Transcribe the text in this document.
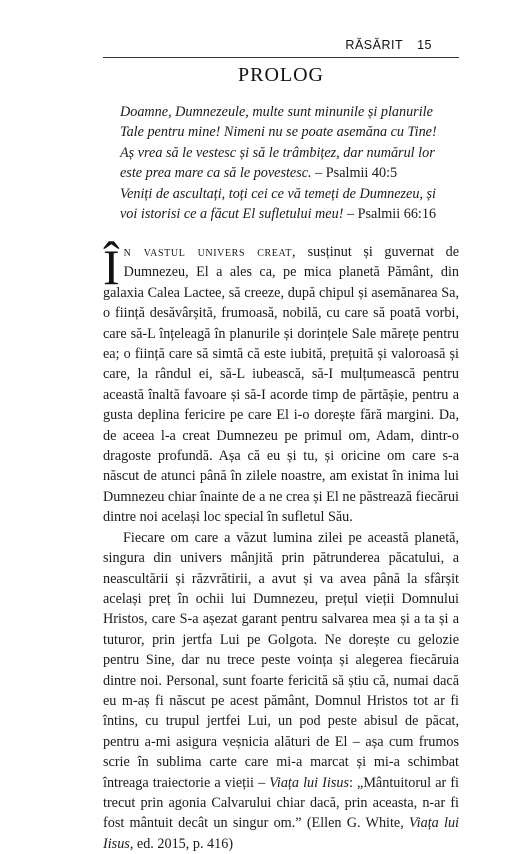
RĂSĂRIT 15
PROLOG
Doamne, Dumnezeule, multe sunt minunile și planurile Tale pentru mine! Nimeni nu se poate asemăna cu Tine! Aș vrea să le vestesc și să le trâmbițez, dar numărul lor este prea mare ca să le povestesc. – Psalmii 40:5
Veniți de ascultați, toți cei ce vă temeți de Dumnezeu, și voi istorisi ce a făcut El sufletului meu! – Psalmii 66:16

În vastul univers creat, susținut și guvernat de Dumnezeu, El a ales ca, pe mica planetă Pământ, din galaxia Calea Lactee, să creeze, după chipul și asemănarea Sa, o ființă desăvârșită, frumoasă, nobilă, cu care să poată vorbi, care să-L înțeleagă în planurile și dorințele Sale mărețe pentru ea; o ființă care să simtă că este iubită, prețuită și valoroasă și care, la rândul ei, să-L iubească, să-I mulțumească pentru această înaltă favoare și să-I acorde timp de părtășie, pentru a gusta deplina fericire pe care El i-o dorește fără margini. Da, de aceea l-a creat Dumnezeu pe primul om, Adam, dintr-o dragoste profundă. Așa că eu și tu, și oricine om care s-a născut de atunci până în zilele noastre, am existat în inima lui Dumnezeu chiar înainte de a ne crea și El ne păstrează fiecărui dintre noi același loc special în sufletul Său.

Fiecare om care a văzut lumina zilei pe această planetă, singura din univers mânjită prin pătrunderea păcatului, a neascultării și răzvrătirii, a avut și va avea până la sfârșit același preț în ochii lui Dumnezeu, prețul vieții Domnului Hristos, care S-a așezat garant pentru salvarea mea și a ta și a tuturor, prin jertfa Lui pe Golgota. Ne dorește cu gelozie pentru Sine, dar nu trece peste voința și alegerea fiecăruia dintre noi. Personal, sunt foarte fericită să știu că, numai dacă eu m-aș fi născut pe acest pământ, Domnul Hristos tot ar fi întins, cu trupul jertfei Lui, un pod peste abisul de păcat, pentru a-mi asigura veșnicia alături de El – așa cum frumos scrie în sublima carte care mi-a marcat și mi-a schimbat întreaga traiectorie a vieții – Viața lui Iisus: „Mântuitorul ar fi trecut prin agonia Calvarului chiar dacă, prin aceasta, n-ar fi fost mântuit decât un singur om.” (Ellen G. White, Viața lui Iisus, ed. 2015, p. 416)
